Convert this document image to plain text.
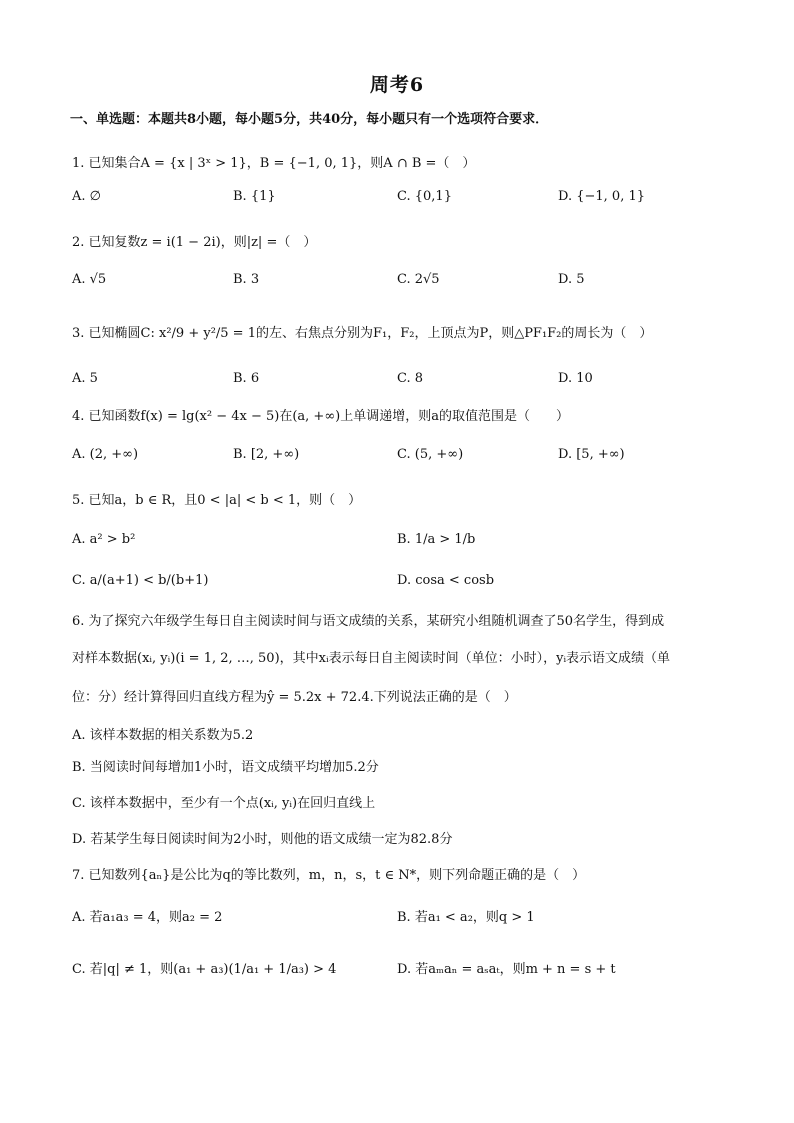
周考6
一、单选题：本题共8小题，每小题5分，共40分，每小题只有一个选项符合要求．
1. 已知集合A = {x | 3ˣ > 1}，B = {−1, 0, 1}，则A ∩ B =（　）
A. ∅	B. {1}	C. {0,1}	D. {−1, 0, 1}
2. 已知复数z = i(1 − 2i)，则|z| =（　）
A. √5	B. 3	C. 2√5	D. 5
3. 已知椭圆C: x²/9 + y²/5 = 1的左、右焦点分别为F₁，F₂，上顶点为P，则△PF₁F₂的周长为（　）
A. 5	B. 6	C. 8	D. 10
4. 已知函数f(x) = lg(x² − 4x − 5)在(a, +∞)上单调递增，则a的取值范围是（　　）
A. (2, +∞)	B. [2, +∞)	C. (5, +∞)	D. [5, +∞)
5. 已知a，b ∈ R，且0 < |a| < b < 1，则（　）
A. a² > b²	B. 1/a > 1/b
C. a/(a+1) < b/(b+1)	D. cosa < cosb
6. 为了探究六年级学生每日自主阅读时间与语文成绩的关系，某研究小组随机调查了50名学生，得到成
对样本数据(xᵢ, yᵢ)(i = 1, 2, …, 50)，其中xᵢ表示每日自主阅读时间（单位：小时），yᵢ表示语文成绩（单
位：分）经计算得回归直线方程为ŷ = 5.2x + 72.4.下列说法正确的是（　）
A. 该样本数据的相关系数为5.2
B. 当阅读时间每增加1小时，语文成绩平均增加5.2分
C. 该样本数据中，至少有一个点(xᵢ, yᵢ)在回归直线上
D. 若某学生每日阅读时间为2小时，则他的语文成绩一定为82.8分
7. 已知数列{aₙ}是公比为q的等比数列，m，n，s，t ∈ N*，则下列命题正确的是（　）
A. 若a₁a₃ = 4，则a₂ = 2	B. 若a₁ < a₂，则q > 1
C. 若|q| ≠ 1，则(a₁ + a₃)(1/a₁ + 1/a₃) > 4	D. 若aₘaₙ = aₛaₜ，则m + n = s + t
